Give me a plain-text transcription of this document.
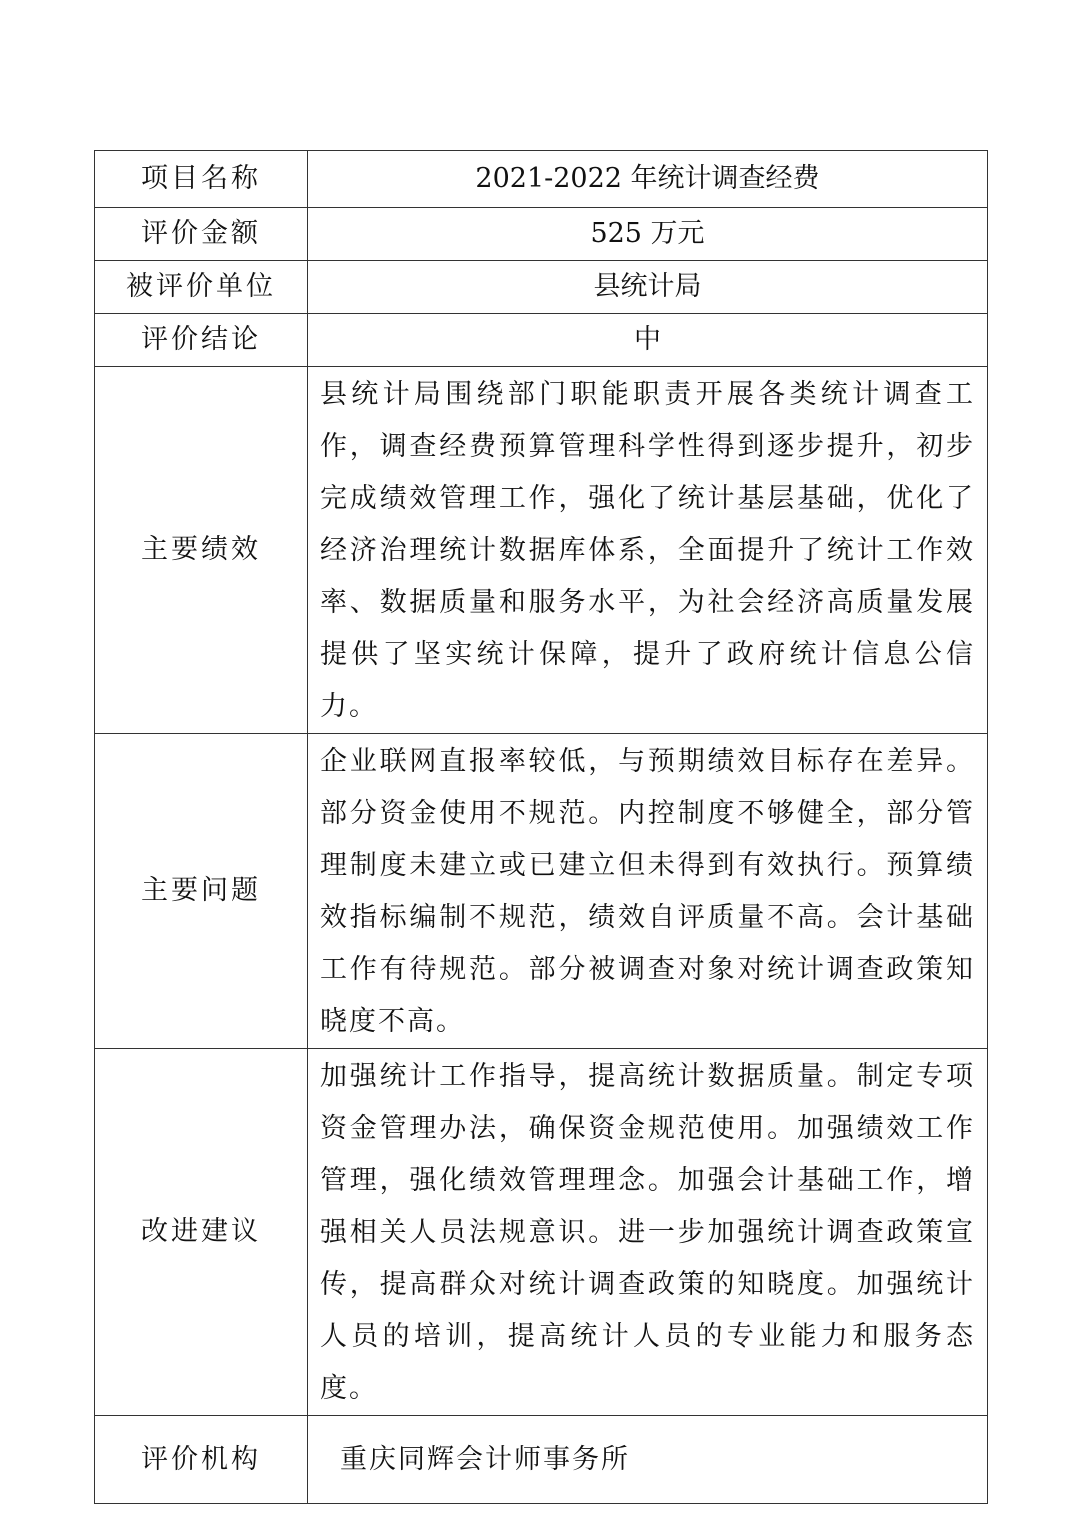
项目名称	2021-2022 年统计调查经费
评价金额	525 万元
被评价单位	县统计局
评价结论	中
主要绩效	县统计局围绕部门职能职责开展各类统计调查工作，调查经费预算管理科学性得到逐步提升，初步完成绩效管理工作，强化了统计基层基础，优化了经济治理统计数据库体系，全面提升了统计工作效率、数据质量和服务水平，为社会经济高质量发展提供了坚实统计保障，提升了政府统计信息公信力。
主要问题	企业联网直报率较低，与预期绩效目标存在差异。部分资金使用不规范。内控制度不够健全，部分管理制度未建立或已建立但未得到有效执行。预算绩效指标编制不规范，绩效自评质量不高。会计基础工作有待规范。部分被调查对象对统计调查政策知晓度不高。
改进建议	加强统计工作指导，提高统计数据质量。制定专项资金管理办法，确保资金规范使用。加强绩效工作管理，强化绩效管理理念。加强会计基础工作，增强相关人员法规意识。进一步加强统计调查政策宣传，提高群众对统计调查政策的知晓度。加强统计人员的培训，提高统计人员的专业能力和服务态度。
评价机构	重庆同辉会计师事务所
